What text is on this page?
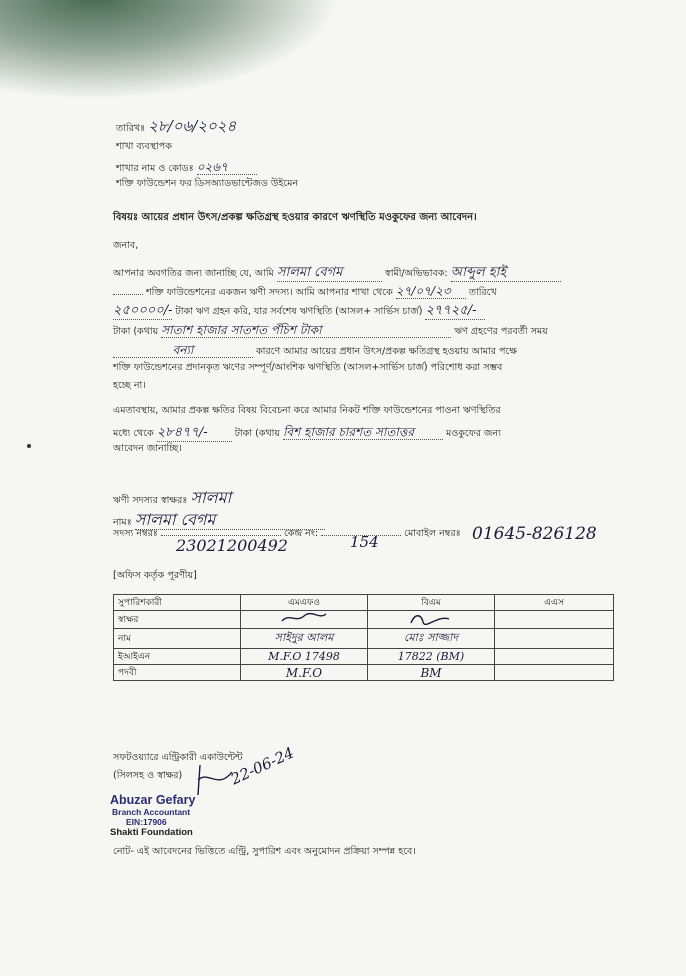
তারিখঃ ২৮/০৬/২০২৪
শাখা ব্যবস্থাপক
শাখার নাম ও কোডঃ ০২৬৭
শক্তি ফাউন্ডেশন ফর ডিসঅ্যাডভান্টেজড উইমেন
বিষয়ঃ আয়ের প্রধান উৎস/প্রকল্প ক্ষতিগ্রস্থ হওয়ার কারণে ঋণস্থিতি মওকুফের জন্য আবেদন।
জনাব,
আপনার অবগতির জন্য জানাচ্ছি যে, আমি সালমা বেগম	স্বামী/অভিভাবক: আব্দুল হাই
শক্তি ফাউন্ডেশনের একজন ঋণী সদস্য। আমি আপনার শাখা থেকে ২৭/০৭/২৩ তারিখে
২৫০০০০/- টাকা ঋণ গ্রহন করি, যার সর্বশেষ ঋণস্থিতি (আসল+ সার্ভিস চার্জ) ২৭৭২৫/-
টাকা (কথায় সাতাশ হাজার সাতশত পঁচিশ টাকা	ঋণ গ্রহণের পরবর্তী সময়
বন্যা	কারণে আমার আয়ের প্রধান উৎস/প্রকল্প ক্ষতিগ্রস্থ হওয়ায় আমার পক্ষে
শক্তি ফাউন্ডেশনের প্রদানকৃত ঋণের সম্পূর্ণ/আংশিক ঋণস্থিতি (আসল+সার্ভিস চার্জ) পরিশোধ করা সম্ভব
হচ্ছে না।
এমতাবস্থায়, আমার প্রকল্প ক্ষতির বিষয় বিবেচনা করে আমার নিকট শক্তি ফাউন্ডেশনের পাওনা ঋণস্থিতির
মধ্যে থেকে ২৮৪৭৭/-	টাকা (কথায় বিশ হাজার চারশত সাতাত্তর	মওকুফের জন্য
আবেদন জানাচ্ছি।
ঋণী সদস্যর স্বাক্ষরঃ সালমা
নামঃ সালমা বেগম
সদস্য নম্বরঃ	কেন্দ্র নং:	মোবাইল নম্বরঃ
23021200492	154	01645-826128
[অফিস কর্তৃক পূরণীয়]
সুপারিশকারী	এমএফও	বিএম	এএস
স্বাক্ষর			
নাম	সাইদুর আলম	মোঃ সাজ্জাদ	
ইআইএন	M.F.O 17498	17822 (BM)	
পদবী	M.F.O	BM	
সফটওয়্যারে এন্ট্রিকারী একাউন্টেন্ট
(সিলসহ ও স্বাক্ষর)	22-06-24
Abuzar Gefary
Branch Accountant
EIN:17906
Shakti Foundation
নোট- এই আবেদনের ভিত্তিতে এন্ট্রি, সুপারিশ এবং অনুমোদন প্রক্রিয়া সম্পন্ন হবে।
